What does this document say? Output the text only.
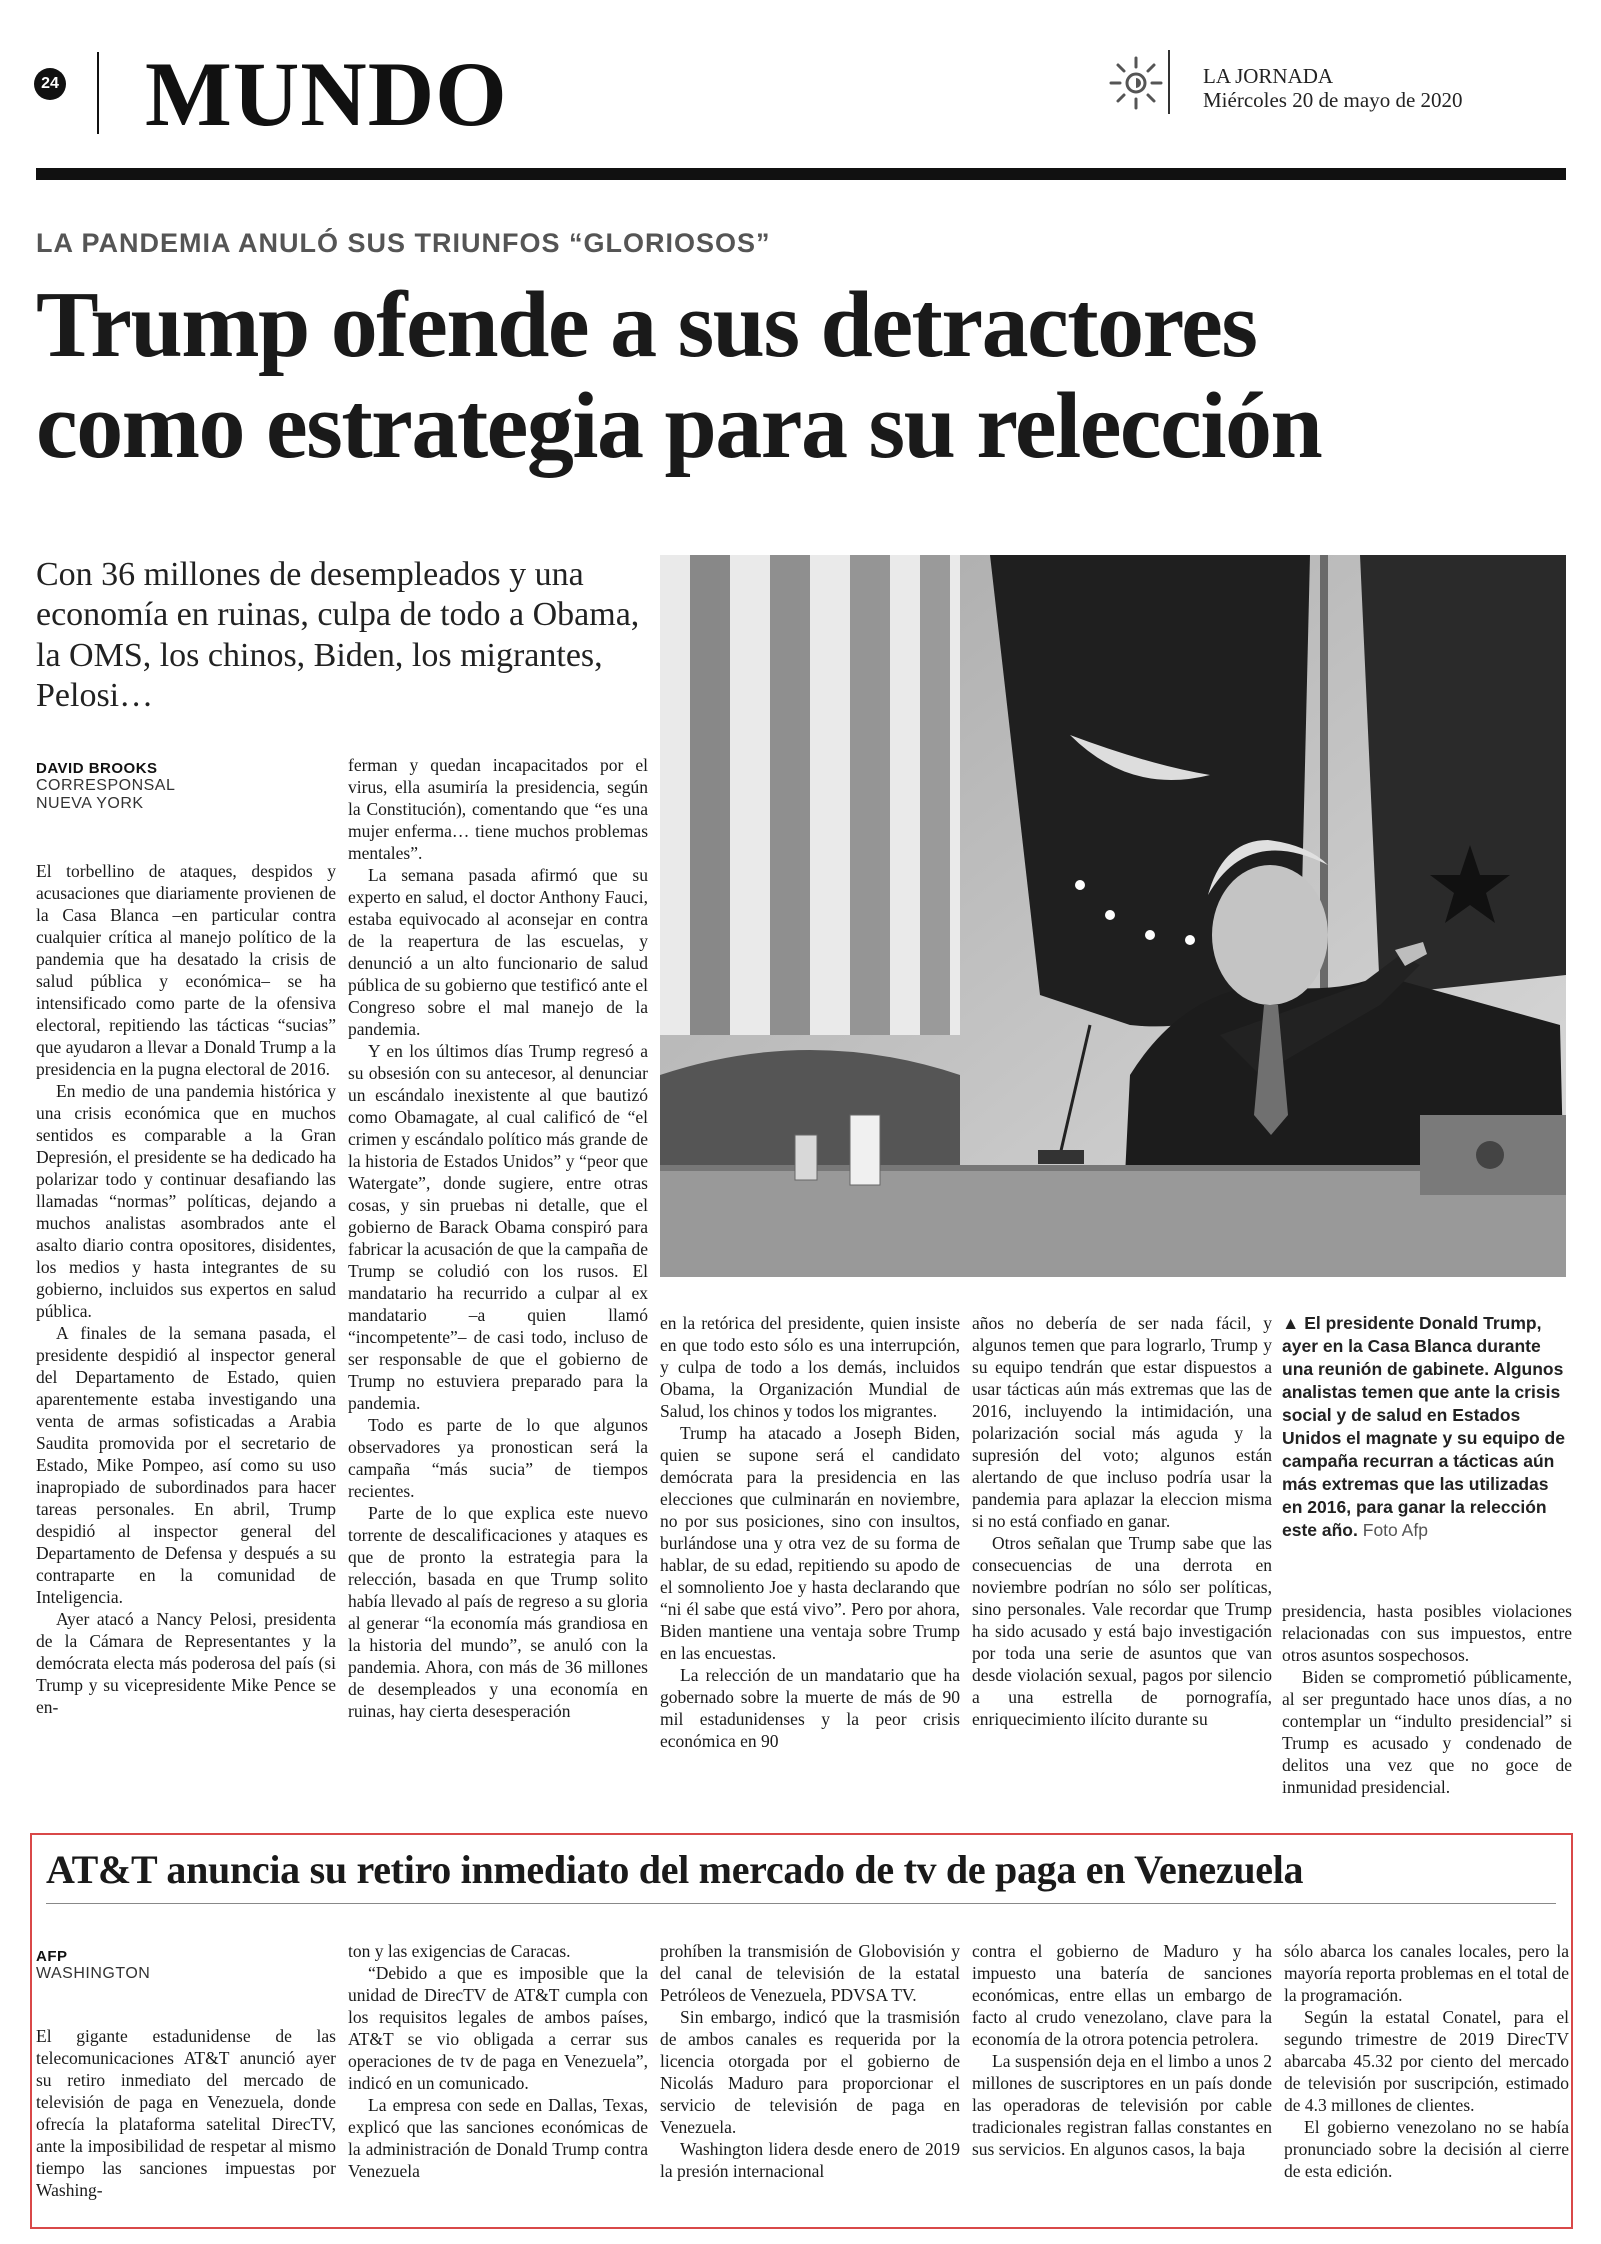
24 MUNDO	LA JORNADA
Miércoles 20 de mayo de 2020
LA PANDEMIA ANULÓ SUS TRIUNFOS “GLORIOSOS”
Trump ofende a sus detractores
como estrategia para su relección
Con 36 millones de desempleados y una economía en ruinas, culpa de todo a Obama, la OMS, los chinos, Biden, los migrantes, Pelosi…
DAVID BROOKS
CORRESPONSAL
NUEVA YORK

El torbellino de ataques, despidos y acusaciones que diariamente provienen de la Casa Blanca –en particular contra cualquier crítica al manejo político de la pandemia que ha desatado la crisis de salud pública y económica– se ha intensificado como parte de la ofensiva electoral, repitiendo las tácticas “sucias” que ayudaron a llevar a Donald Trump a la presidencia en la pugna electoral de 2016.

En medio de una pandemia histórica y una crisis económica que en muchos sentidos es comparable a la Gran Depresión, el presidente se ha dedicado ha polarizar todo y continuar desafiando las llamadas “normas” políticas, dejando a muchos analistas asombrados ante el asalto diario contra opositores, disidentes, los medios y hasta integrantes de su gobierno, incluidos sus expertos en salud pública.

A finales de la semana pasada, el presidente despidió al inspector general del Departamento de Estado, quien aparentemente estaba investigando una venta de armas sofisticadas a Arabia Saudita promovida por el secretario de Estado, Mike Pompeo, así como su uso inapropiado de subordinados para hacer tareas personales. En abril, Trump despidió al inspector general del Departamento de Defensa y después a su contraparte en la comunidad de Inteligencia.

Ayer atacó a Nancy Pelosi, presidenta de la Cámara de Representantes y la demócrata electa más poderosa del país (si Trump y su vicepresidente Mike Pence se en-

ferman y quedan incapacitados por el virus, ella asumiría la presidencia, según la Constitución), comentando que “es una mujer enferma… tiene muchos problemas mentales”.

La semana pasada afirmó que su experto en salud, el doctor Anthony Fauci, estaba equivocado al aconsejar en contra de la reapertura de las escuelas, y denunció a un alto funcionario de salud pública de su gobierno que testificó ante el Congreso sobre el mal manejo de la pandemia.

Y en los últimos días Trump regresó a su obsesión con su antecesor, al denunciar un escándalo inexistente al que bautizó como Obamagate, al cual calificó de “el crimen y escándalo político más grande de la historia de Estados Unidos” y “peor que Watergate”, donde sugiere, entre otras cosas, y sin pruebas ni detalle, que el gobierno de Barack Obama conspiró para fabricar la acusación de que la campaña de Trump se coludió con los rusos. El mandatario ha recurrido a culpar al ex mandatario –a quien llamó “incompetente”– de casi todo, incluso de ser responsable de que el gobierno de Trump no estuviera preparado para la pandemia.

Todo es parte de lo que algunos observadores ya pronostican será la campaña “más sucia” de tiempos recientes.

Parte de lo que explica este nuevo torrente de descalificaciones y ataques es que de pronto la estrategia para la relección, basada en que Trump solito había llevado al país de regreso a su gloria al generar “la economía más grandiosa en la historia del mundo”, se anuló con la pandemia. Ahora, con más de 36 millones de desempleados y una economía en ruinas, hay cierta desesperación

en la retórica del presidente, quien insiste en que todo esto sólo es una interrupción, y culpa de todo a los demás, incluidos Obama, la Organización Mundial de Salud, los chinos y todos los migrantes.

Trump ha atacado a Joseph Biden, quien se supone será el candidato demócrata para la presidencia en las elecciones que culminarán en noviembre, no por sus posiciones, sino con insultos, burlándose una y otra vez de su forma de hablar, de su edad, repitiendo su apodo de el somnoliento Joe y hasta declarando que “ni él sabe que está vivo”. Pero por ahora, Biden mantiene una ventaja sobre Trump en las encuestas.

La relección de un mandatario que ha gobernado sobre la muerte de más de 90 mil estadunidenses y la peor crisis económica en 90

años no debería de ser nada fácil, y algunos temen que para lograrlo, Trump y su equipo tendrán que estar dispuestos a usar tácticas aún más extremas que las de 2016, incluyendo la intimidación, una polarización social más aguda y la supresión del voto; algunos están alertando de que incluso podría usar la pandemia para aplazar la eleccion misma si no está confiado en ganar.

Otros señalan que Trump sabe que las consecuencias de una derrota en noviembre podrían no sólo ser políticas, sino personales. Vale recordar que Trump ha sido acusado y está bajo investigación por toda una serie de asuntos que van desde violación sexual, pagos por silencio a una estrella de pornografía, enriquecimiento ilícito durante su

▲ El presidente Donald Trump, ayer en la Casa Blanca durante una reunión de gabinete. Algunos analistas temen que ante la crisis social y de salud en Estados Unidos el magnate y su equipo de campaña recurran a tácticas aún más extremas que las utilizadas en 2016, para ganar la relección este año. Foto Afp

presidencia, hasta posibles violaciones relacionadas con sus impuestos, entre otros asuntos sospechosos.

Biden se comprometió públicamente, al ser preguntado hace unos días, a no contemplar un “indulto presidencial” si Trump es acusado y condenado de delitos una vez que no goce de inmunidad presidencial.

AT&T anuncia su retiro inmediato del mercado de tv de paga en Venezuela
AFP
WASHINGTON

El gigante estadunidense de las telecomunicaciones AT&T anunció ayer su retiro inmediato del mercado de televisión de paga en Venezuela, donde ofrecía la plataforma satelital DirecTV, ante la imposibilidad de respetar al mismo tiempo las sanciones impuestas por Washing-

ton y las exigencias de Caracas.

“Debido a que es imposible que la unidad de DirecTV de AT&T cumpla con los requisitos legales de ambos países, AT&T se vio obligada a cerrar sus operaciones de tv de paga en Venezuela”, indicó en un comunicado.

La empresa con sede en Dallas, Texas, explicó que las sanciones económicas de la administración de Donald Trump contra Venezuela

prohíben la transmisión de Globovisión y del canal de televisión de la estatal Petróleos de Venezuela, PDVSA TV.

Sin embargo, indicó que la trasmisión de ambos canales es requerida por la licencia otorgada por el gobierno de Nicolás Maduro para proporcionar el servicio de televisión de paga en Venezuela.

Washington lidera desde enero de 2019 la presión internacional

contra el gobierno de Maduro y ha impuesto una batería de sanciones económicas, entre ellas un embargo de facto al crudo venezolano, clave para la economía de la otrora potencia petrolera.

La suspensión deja en el limbo a unos 2 millones de suscriptores en un país donde las operadoras de televisión por cable tradicionales registran fallas constantes en sus servicios. En algunos casos, la baja

sólo abarca los canales locales, pero la mayoría reporta problemas en el total de la programación.

Según la estatal Conatel, para el segundo trimestre de 2019 DirecTV abarcaba 45.32 por ciento del mercado de televisión por suscripción, estimado de 4.3 millones de clientes.

El gobierno venezolano no se había pronunciado sobre la decisión al cierre de esta edición.
